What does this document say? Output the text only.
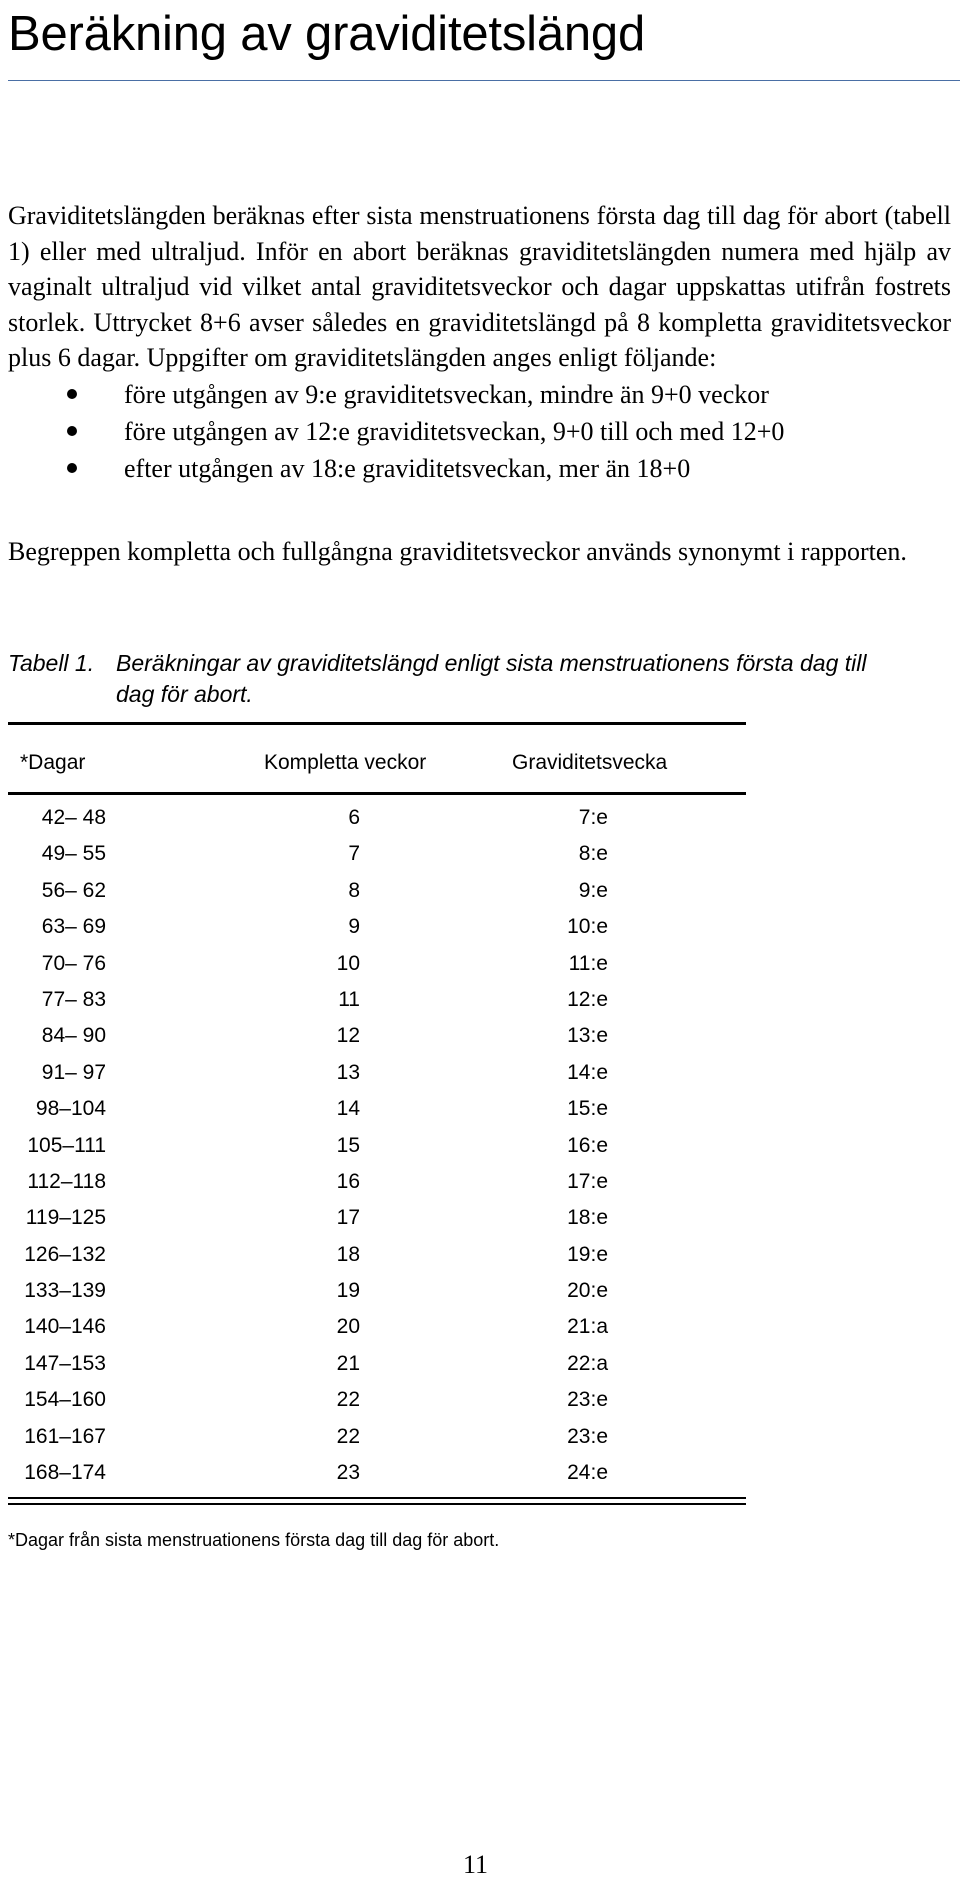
Beräkning av graviditetslängd

Graviditetslängden beräknas efter sista menstruationens första dag till dag för abort (tabell 1) eller med ultraljud. Inför en abort beräknas graviditetslängden numera med hjälp av vaginalt ultraljud vid vilket antal graviditetsveckor och dagar uppskattas utifrån fostrets storlek. Uttrycket 8+6 avser således en graviditetslängd på 8 kompletta graviditetsveckor plus 6 dagar. Uppgifter om graviditetslängden anges enligt följande:

före utgången av 9:e graviditetsveckan, mindre än 9+0 veckor
före utgången av 12:e graviditetsveckan, 9+0 till och med 12+0
efter utgången av 18:e graviditetsveckan, mer än 18+0

Begreppen kompletta och fullgångna graviditetsveckor används synonymt i rapporten.

Tabell 1. Beräkningar av graviditetslängd enligt sista menstruationens första dag till
dag för abort.
*Dagar	Kompletta veckor	Graviditetsvecka
42– 48	6	7:e
49– 55	7	8:e
56– 62	8	9:e
63– 69	9	10:e
70– 76	10	11:e
77– 83	11	12:e
84– 90	12	13:e
91– 97	13	14:e
98–104	14	15:e
105–111	15	16:e
112–118	16	17:e
119–125	17	18:e
126–132	18	19:e
133–139	19	20:e
140–146	20	21:a
147–153	21	22:a
154–160	22	23:e
161–167	22	23:e
168–174	23	24:e
*Dagar från sista menstruationens första dag till dag för abort.
11
